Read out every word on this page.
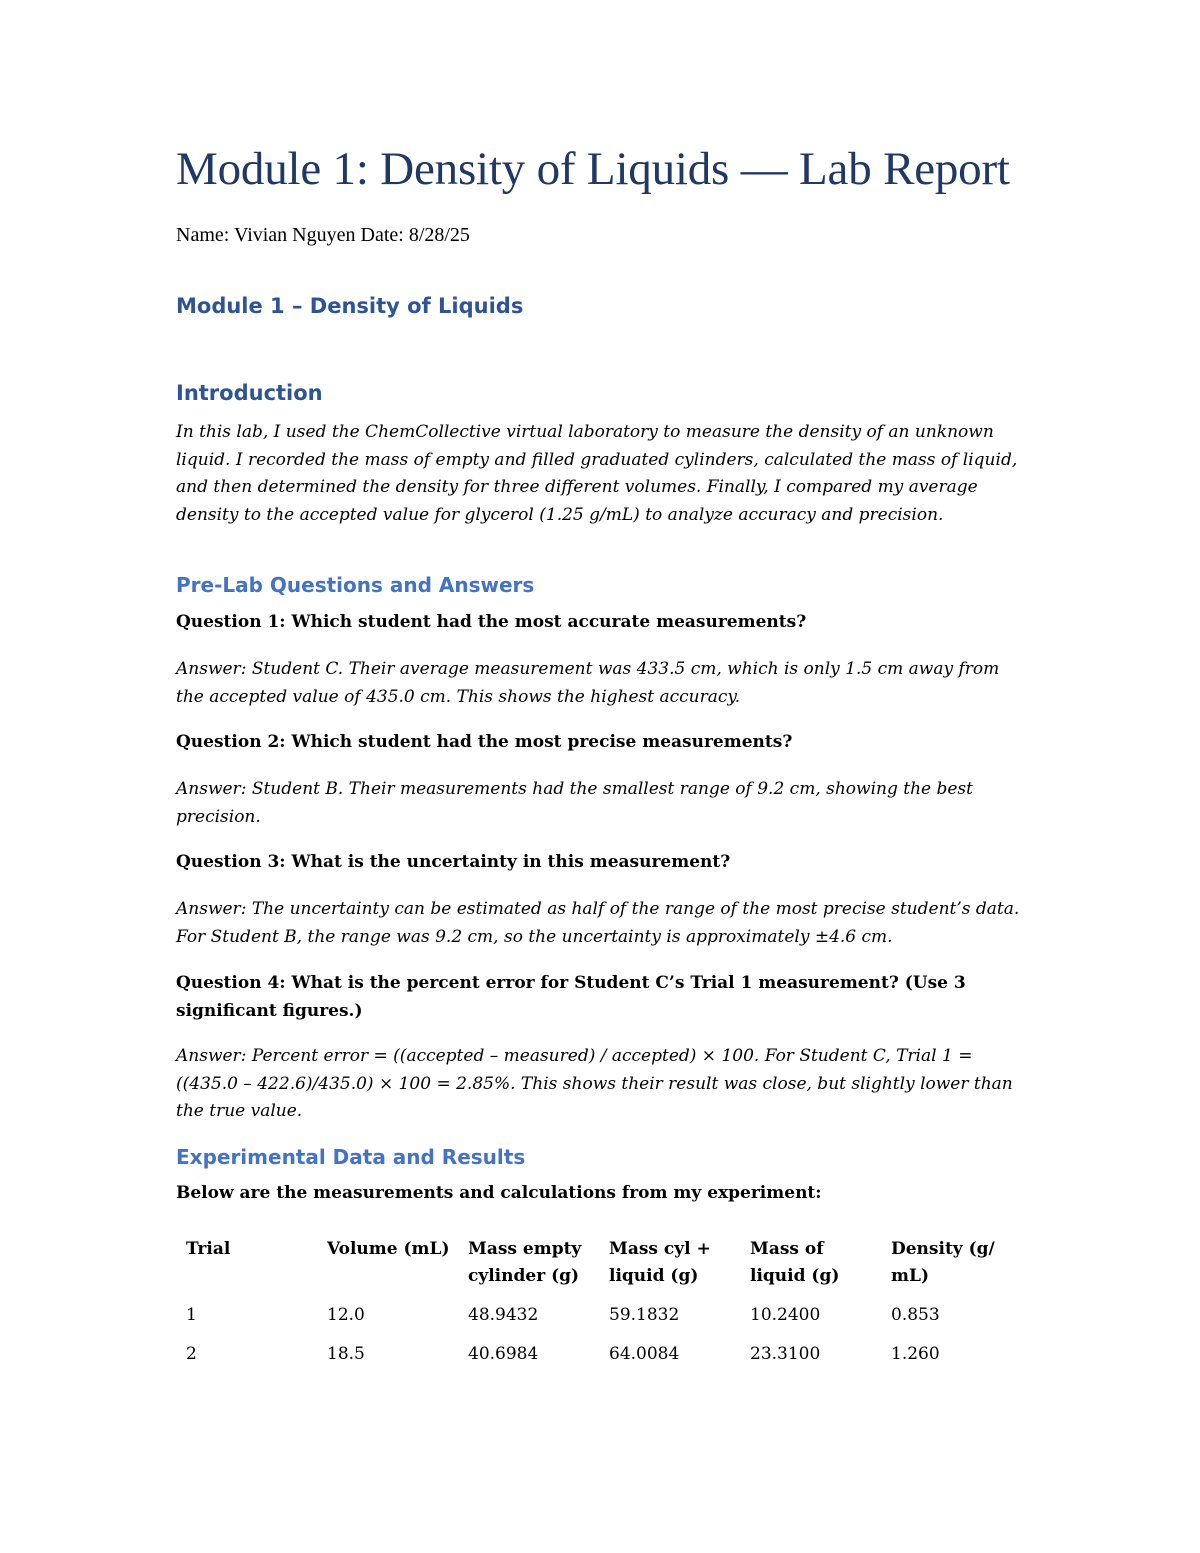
Module 1: Density of Liquids — Lab Report
Name: Vivian Nguyen Date: 8/28/25
Module 1 – Density of Liquids
Introduction
In this lab, I used the ChemCollective virtual laboratory to measure the density of an unknown liquid. I recorded the mass of empty and filled graduated cylinders, calculated the mass of liquid, and then determined the density for three different volumes. Finally, I compared my average density to the accepted value for glycerol (1.25 g/mL) to analyze accuracy and precision.
Pre-Lab Questions and Answers
Question 1: Which student had the most accurate measurements?
Answer: Student C. Their average measurement was 433.5 cm, which is only 1.5 cm away from the accepted value of 435.0 cm. This shows the highest accuracy.
Question 2: Which student had the most precise measurements?
Answer: Student B. Their measurements had the smallest range of 9.2 cm, showing the best precision.
Question 3: What is the uncertainty in this measurement?
Answer: The uncertainty can be estimated as half of the range of the most precise student’s data. For Student B, the range was 9.2 cm, so the uncertainty is approximately ±4.6 cm.
Question 4: What is the percent error for Student C’s Trial 1 measurement? (Use 3 significant figures.)
Answer: Percent error = ((accepted – measured) / accepted) × 100. For Student C, Trial 1 = ((435.0 – 422.6)/435.0) × 100 = 2.85%. This shows their result was close, but slightly lower than the true value.
Experimental Data and Results
Below are the measurements and calculations from my experiment:
Trial	Volume (mL)	Mass empty cylinder (g)	Mass cyl + liquid (g)	Mass of liquid (g)	Density (g/ mL)
1	12.0	48.9432	59.1832	10.2400	0.853
2	18.5	40.6984	64.0084	23.3100	1.260
